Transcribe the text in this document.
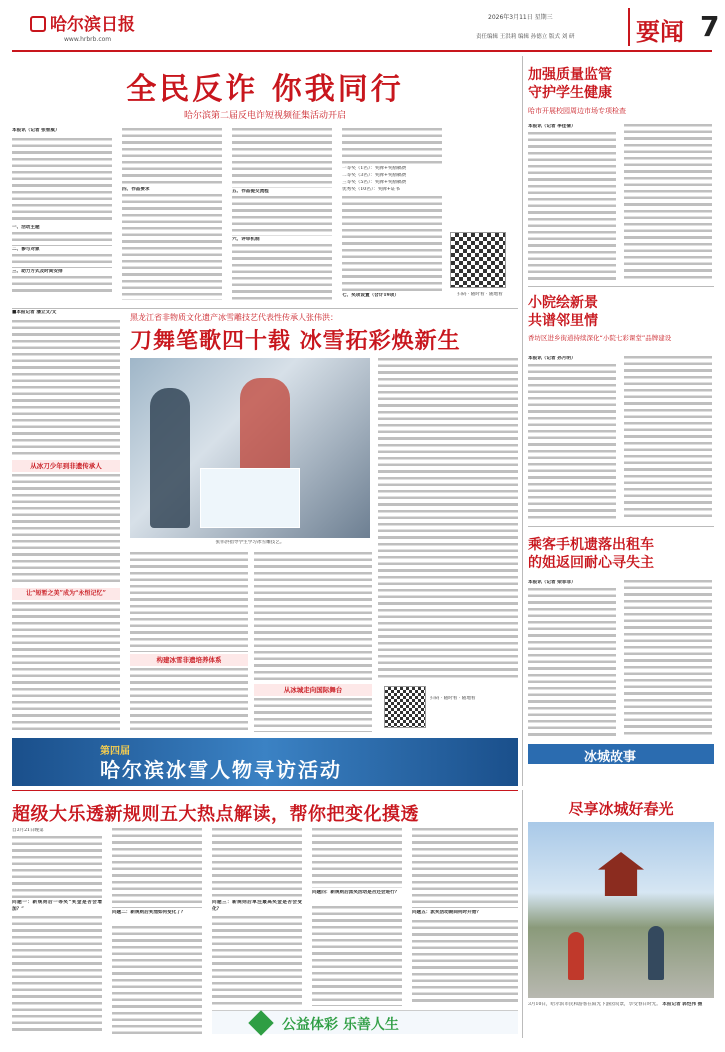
哈尔滨日报
www.hrbrb.com
2026年3月11日 星期三
责任编辑 王洪莉 编辑 孙德立 版式 刘 研	要闻 7
全民反诈 你我同行
哈尔滨第二届反电诈短视频征集活动开启
本报讯（记者 张智威）
一、活动主题
二、参与对象
三、助力方式及时间安排
四、作品要求	五、作品提交流程
六、评审机制
一等奖（1名）：奖牌+奖励稿费
二等奖（3名）：奖牌+奖励稿费
三等奖（5名）：奖牌+奖励稿费
优秀奖（10名）：奖牌+证书
七、奖项设置（合计19项）	扫码 · 随时看 · 随地看
加强质量监管
守护学生健康
哈市开展校园周边市场专项检查
本报讯（记者 李佳倩）
小院绘新景
共谱邻里情
香坊区进乡街道持续深化“小院七彩课堂”品牌建设
本报讯（记者 孙月明）
乘客手机遗落出租车
的姐返回耐心寻失主
本报讯（记者 梁菲菲）
冰城故事
■本报记者 潘立文/文
从冰刀少年到非遗传承人
让“短暂之美”成为“永恒记忆”
黑龙江省非物质文化遗产冰雪雕技艺代表性传承人张伟洪：
刀舞笔歌四十载 冰雪拓彩焕新生
张伟洪指导学生学习冰雪雕技艺。
构建冰雪非遗培养体系
从冰城走向国际舞台
扫码 · 随时看 · 随地看
第四届
哈尔滨冰雪人物寻访活动
超级大乐透新规则五大热点解读，帮你把变化摸透
自3月21日晚第
问题一：新规则后一等奖“奖金是否会增加？”
问题二：新规则后奖池如何变化了？
问题三：新规则后单注最高奖金是否会变化？
问题四：新规则后派奖活动是否还会进行？
问题五：派奖活动期间何时开始？
公益体彩 乐善人生
尽享冰城好春光
3月10日，哈尔滨市民和游客在阳光下游园赏景，享受春日时光。 本报记者 郭恺伟 摄
